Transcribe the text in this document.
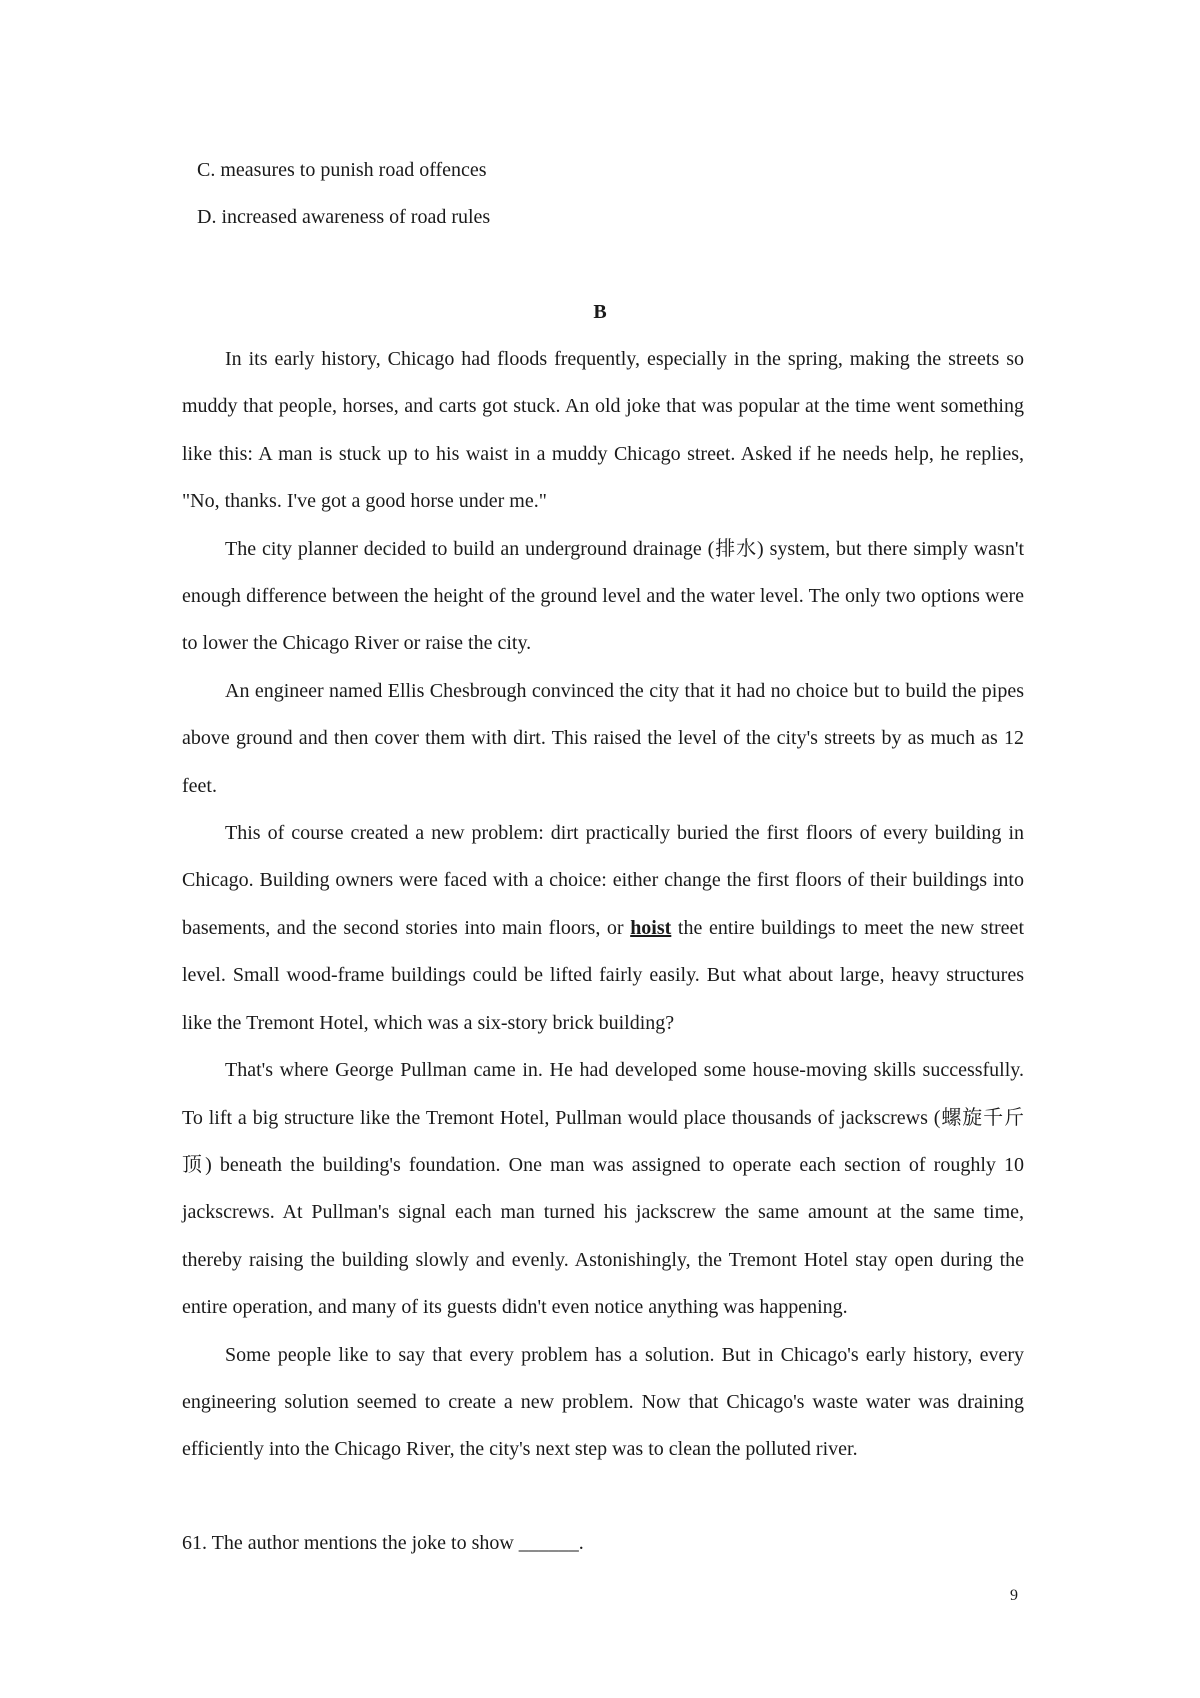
C. measures to punish road offences
D. increased awareness of road rules
B

In its early history, Chicago had floods frequently, especially in the spring, making the streets so muddy that people, horses, and carts got stuck. An old joke that was popular at the time went something like this: A man is stuck up to his waist in a muddy Chicago street. Asked if he needs help, he replies, "No, thanks. I've got a good horse under me."

The city planner decided to build an underground drainage (排水) system, but there simply wasn't enough difference between the height of the ground level and the water level. The only two options were to lower the Chicago River or raise the city.

An engineer named Ellis Chesbrough convinced the city that it had no choice but to build the pipes above ground and then cover them with dirt. This raised the level of the city's streets by as much as 12 feet.

This of course created a new problem: dirt practically buried the first floors of every building in Chicago. Building owners were faced with a choice: either change the first floors of their buildings into basements, and the second stories into main floors, or hoist the entire buildings to meet the new street level. Small wood-frame buildings could be lifted fairly easily. But what about large, heavy structures like the Tremont Hotel, which was a six-story brick building?

That's where George Pullman came in. He had developed some house-moving skills successfully. To lift a big structure like the Tremont Hotel, Pullman would place thousands of jackscrews (螺旋千斤顶) beneath the building's foundation. One man was assigned to operate each section of roughly 10 jackscrews. At Pullman's signal each man turned his jackscrew the same amount at the same time, thereby raising the building slowly and evenly. Astonishingly, the Tremont Hotel stay open during the entire operation, and many of its guests didn't even notice anything was happening.

Some people like to say that every problem has a solution. But in Chicago's early history, every engineering solution seemed to create a new problem. Now that Chicago's waste water was draining efficiently into the Chicago River, the city's next step was to clean the polluted river.

61. The author mentions the joke to show ______.
9
